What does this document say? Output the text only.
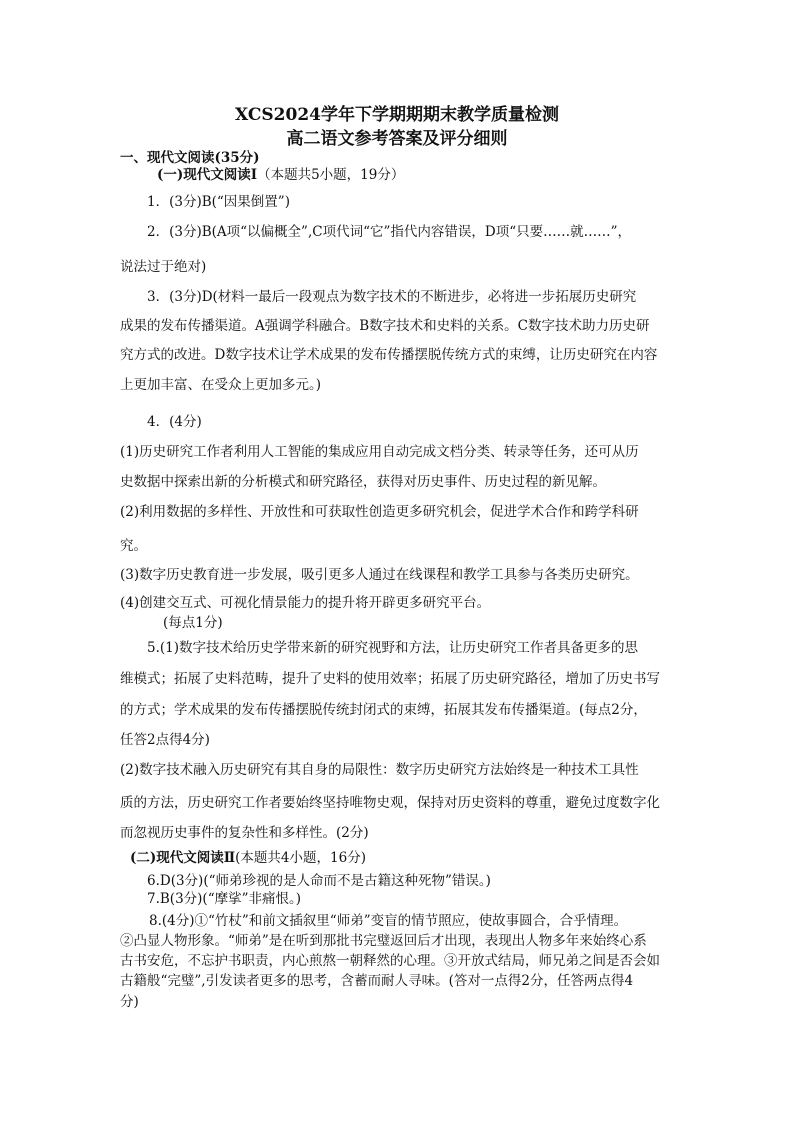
XCS2024学年下学期期期末教学质量检测
高二语文参考答案及评分细则
一、现代文阅读(35分)
(一)现代文阅读I（本题共5小题，19分）
1．(3分)B(“因果倒置”)
2．(3分)B(A项“以偏概全”,C项代词“它”指代内容错误，D项“只要……就……”，
说法过于绝对)
3．(3分)D(材料一最后一段观点为数字技术的不断进步，必将进一步拓展历史研究
成果的发布传播渠道。A强调学科融合。B数字技术和史料的关系。C数字技术助力历史研
究方式的改进。D数字技术让学术成果的发布传播摆脱传统方式的束缚，让历史研究在内容
上更加丰富、在受众上更加多元。)
4．(4分)
(1)历史研究工作者利用人工智能的集成应用自动完成文档分类、转录等任务，还可从历
史数据中探索出新的分析模式和研究路径，获得对历史事件、历史过程的新见解。
(2)利用数据的多样性、开放性和可获取性创造更多研究机会，促进学术合作和跨学科研
究。
(3)数字历史教育进一步发展，吸引更多人通过在线课程和教学工具参与各类历史研究。
(4)创建交互式、可视化情景能力的提升将开辟更多研究平台。
(每点1分)
5.(1)数字技术给历史学带来新的研究视野和方法，让历史研究工作者具备更多的思
维模式；拓展了史料范畴，提升了史料的使用效率；拓展了历史研究路径，增加了历史书写
的方式；学术成果的发布传播摆脱传统封闭式的束缚，拓展其发布传播渠道。(每点2分，
任答2点得4分)
(2)数字技术融入历史研究有其自身的局限性：数字历史研究方法始终是一种技术工具性
质的方法，历史研究工作者要始终坚持唯物史观，保持对历史资料的尊重，避免过度数字化
而忽视历史事件的复杂性和多样性。(2分)
(二)现代文阅读Ⅱ(本题共4小题，16分)
6.D(3分)(“师弟珍视的是人命而不是古籍这种死物”错误。)
7.B(3分)(“摩挲”非痛恨。)
8.(4分)①“竹杖”和前文插叙里“师弟”变盲的情节照应，使故事圆合，合乎情理。
②凸显人物形象。“师弟”是在听到那批书完璧返回后才出现，表现出人物多年来始终心系
古书安危，不忘护书职责，内心煎熬一朝释然的心理。③开放式结局，师兄弟之间是否会如
古籍般“完璧”,引发读者更多的思考，含蓄而耐人寻味。(答对一点得2分，任答两点得4
分)
